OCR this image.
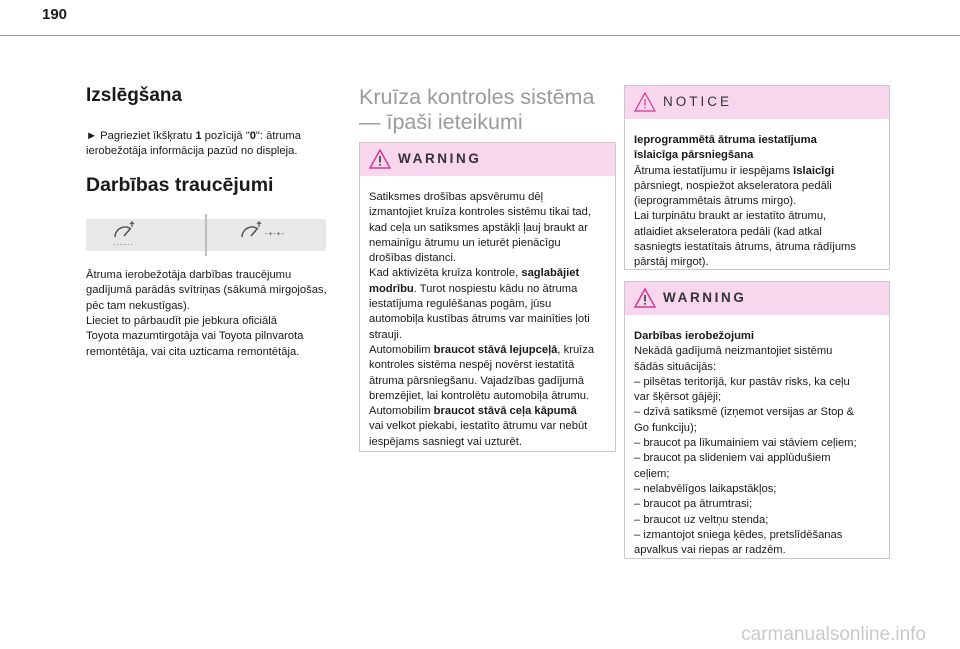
190
Izslēgšana

► Pagrieziet īkšķratu 1 pozīcijā "0": ātruma ierobežotāja informācija pazūd no displeja.

Darbības traucējumi
------
-+-+-

Ātruma ierobežotāja darbības traucējumu
gadījumā parādās svītriņas (sākumā mirgojošas,
pēc tam nekustīgas).
Lieciet to pārbaudīt pie jebkura oficiālā
Toyota mazumtirgotāja vai Toyota pilnvarota
remontētāja, vai cita uzticama remontētāja.

Kruīza kontroles sistēma
— īpaši ieteikumi
WARNING
Satiksmes drošības apsvērumu dēļ
izmantojiet kruīza kontroles sistēmu tikai tad,
kad ceļa un satiksmes apstākļi ļauj braukt ar
nemainīgu ātrumu un ieturēt pienācīgu
drošības distanci.
Kad aktivizēta kruīza kontrole, saglabājiet
modrību. Turot nospiestu kādu no ātruma
iestatījuma regulēšanas pogām, jūsu
automobiļa kustības ātrums var mainīties ļoti
strauji.
Automobilim braucot stāvā lejupceļā, kruīza
kontroles sistēma nespēj novērst iestatītā
ātruma pārsniegšanu. Vajadzības gadījumā
bremzējiet, lai kontrolētu automobiļa ātrumu.
Automobilim braucot stāvā ceļa kāpumā
vai velkot piekabi, iestatīto ātrumu var nebūt
iespējams sasniegt vai uzturēt.
NOTICE
Ieprogrammētā ātruma iestatījuma
īslaicīga pārsniegšana
Ātruma iestatījumu ir iespējams īslaicīgi
pārsniegt, nospiežot akseleratora pedāli
(ieprogrammētais ātrums mirgo).
Lai turpinātu braukt ar iestatīto ātrumu,
atlaidiet akseleratora pedāli (kad atkal
sasniegts iestatītais ātrums, ātruma rādījums
pārstāj mirgot).
WARNING
Darbības ierobežojumi
Nekādā gadījumā neizmantojiet sistēmu
šādās situācijās:
– pilsētas teritorijā, kur pastāv risks, ka ceļu
var šķērsot gājēji;
– dzīvā satiksmē (izņemot versijas ar Stop &
Go funkciju);
– braucot pa līkumainiem vai stāviem ceļiem;
– braucot pa slideniem vai applūdušiem
ceļiem;
– nelabvēlīgos laikapstākļos;
– braucot pa ātrumtrasi;
– braucot uz veltņu stenda;
– izmantojot sniega ķēdes, pretslīdēšanas
apvalkus vai riepas ar radzēm.
carmanualsonline.info
